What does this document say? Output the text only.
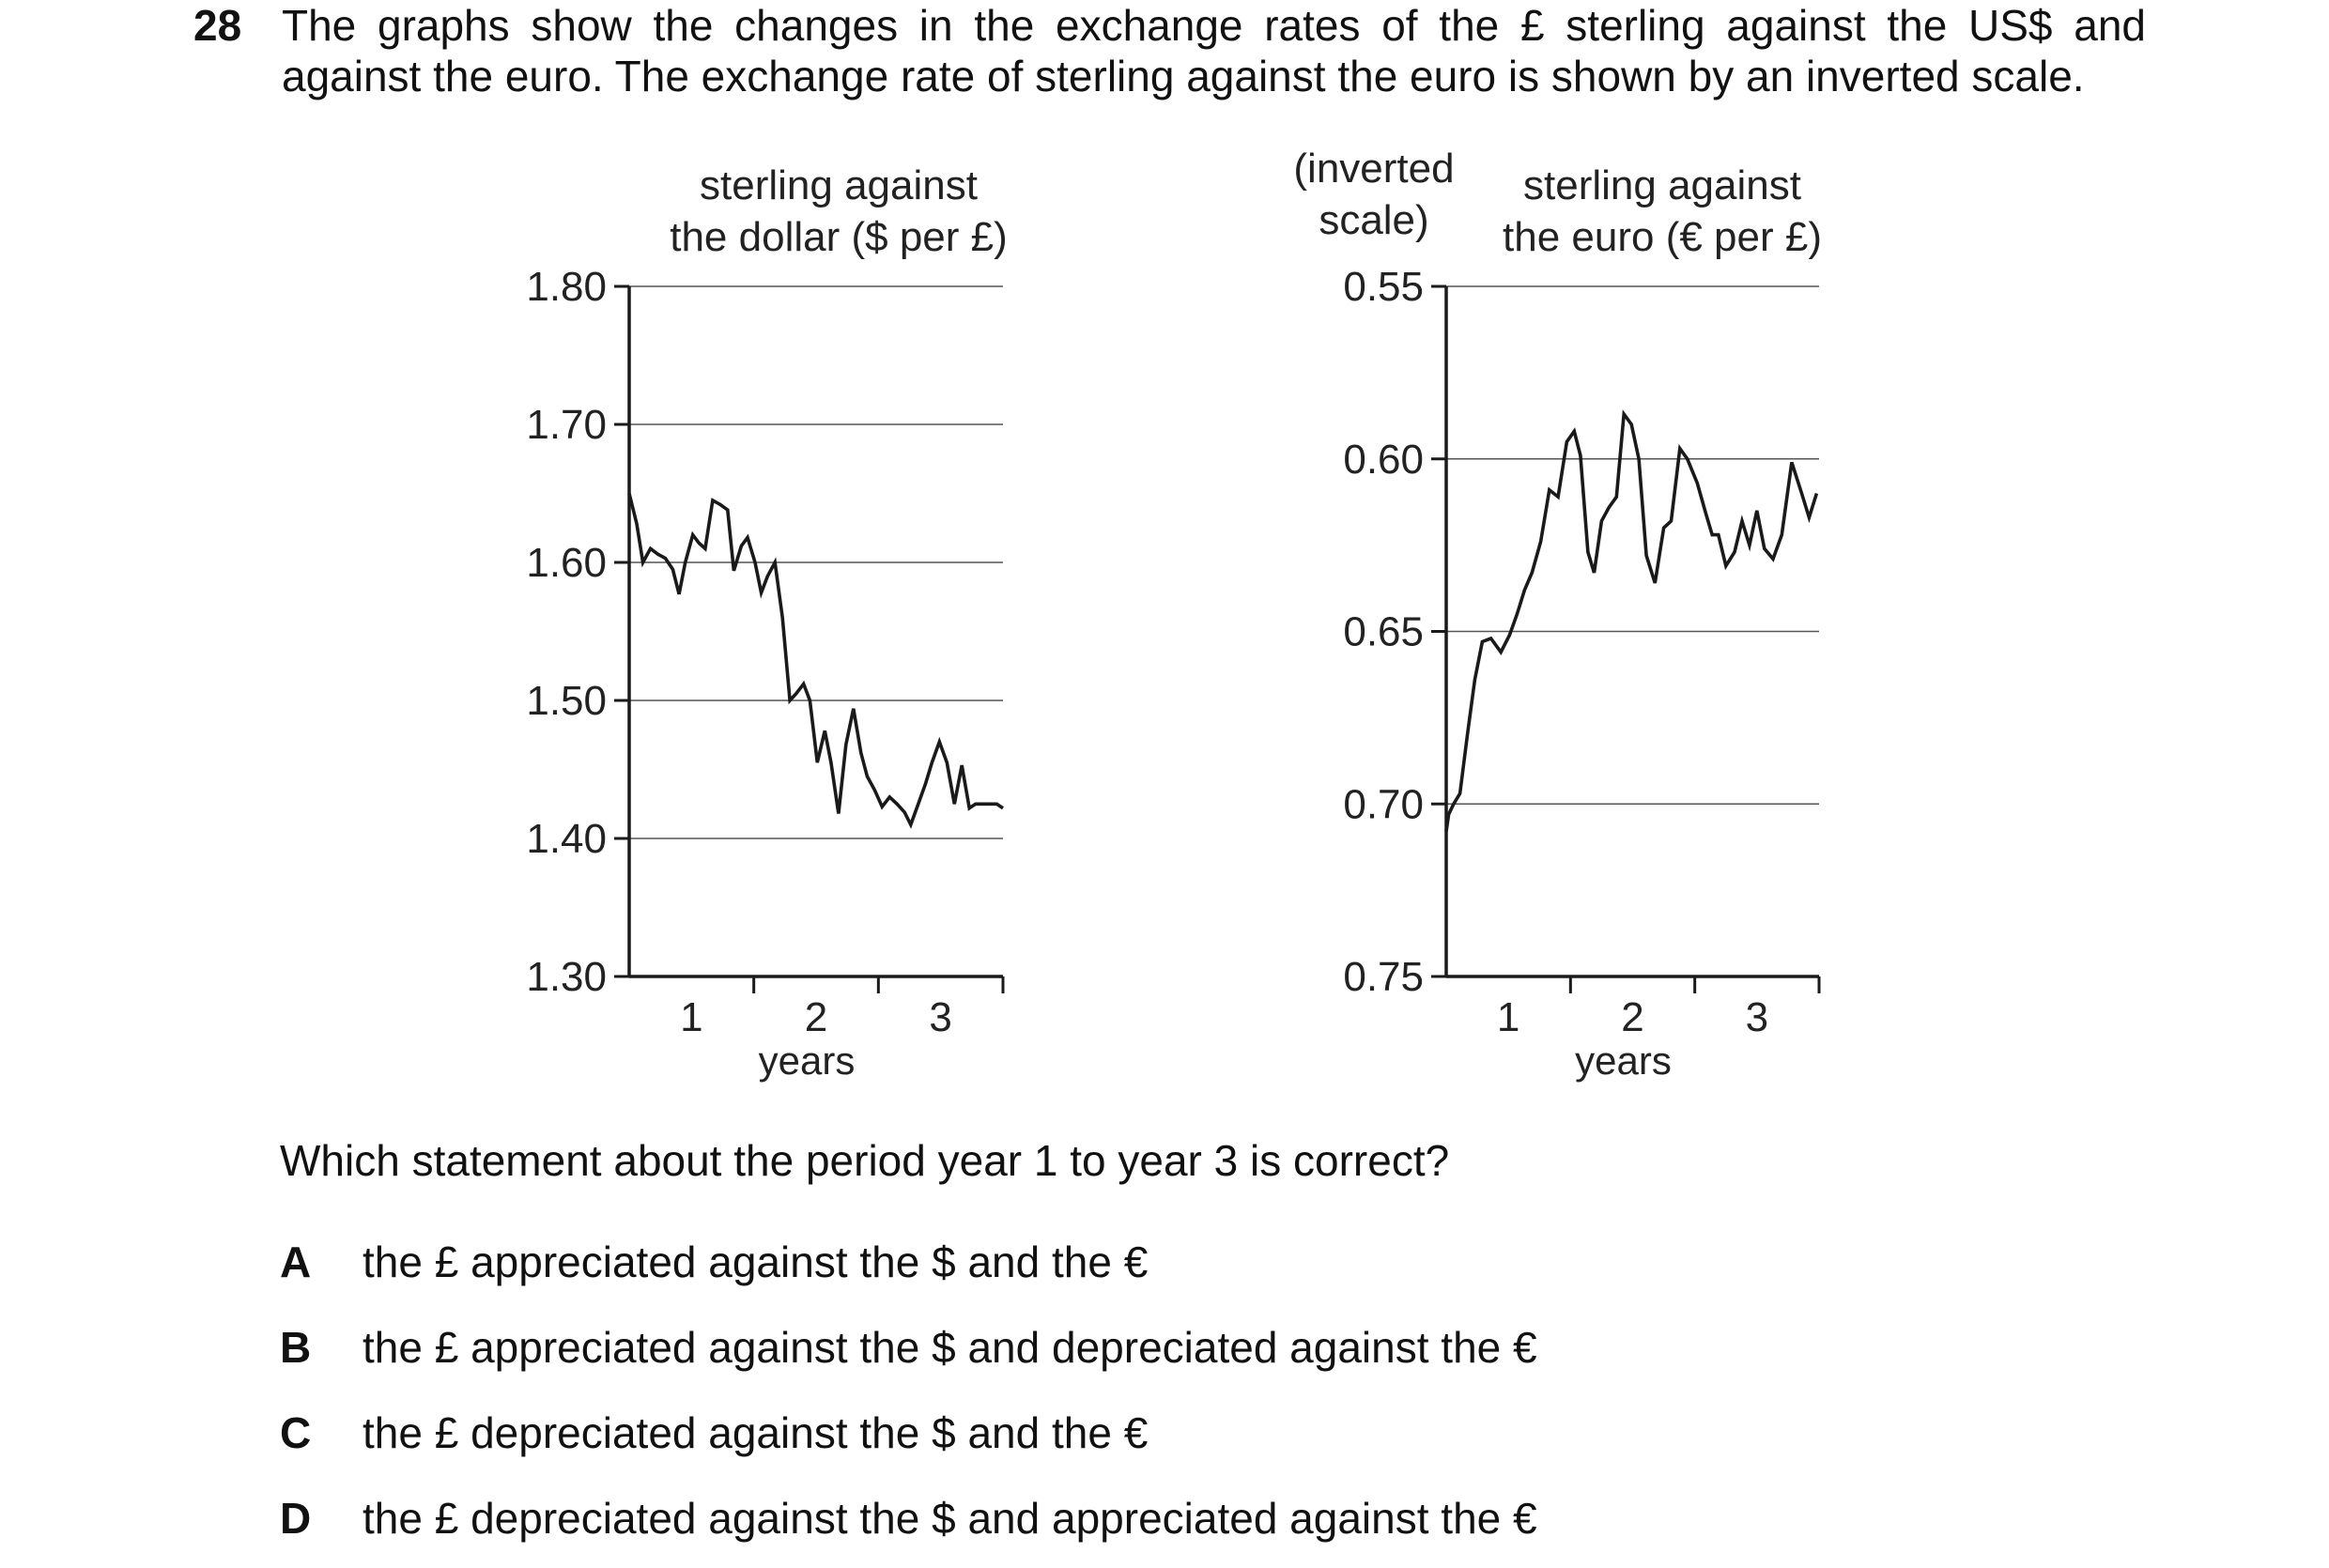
28 The graphs show the changes in the exchange rates of the £ sterling against the US$ and
against the euro. The exchange rate of sterling against the euro is shown by an inverted scale.
1.80
1.70
1.60
1.50
1.40
1.30
1 2 3
years
sterling against
the dollar ($ per £)
0.55
0.60
0.65
0.70
0.75
1 2 3
years
sterling against
the euro (€ per £)
(inverted
scale)
Which statement about the period year 1 to year 3 is correct?
A the £ appreciated against the $ and the €
B the £ appreciated against the $ and depreciated against the €
C the £ depreciated against the $ and the €
D the £ depreciated against the $ and appreciated against the €
